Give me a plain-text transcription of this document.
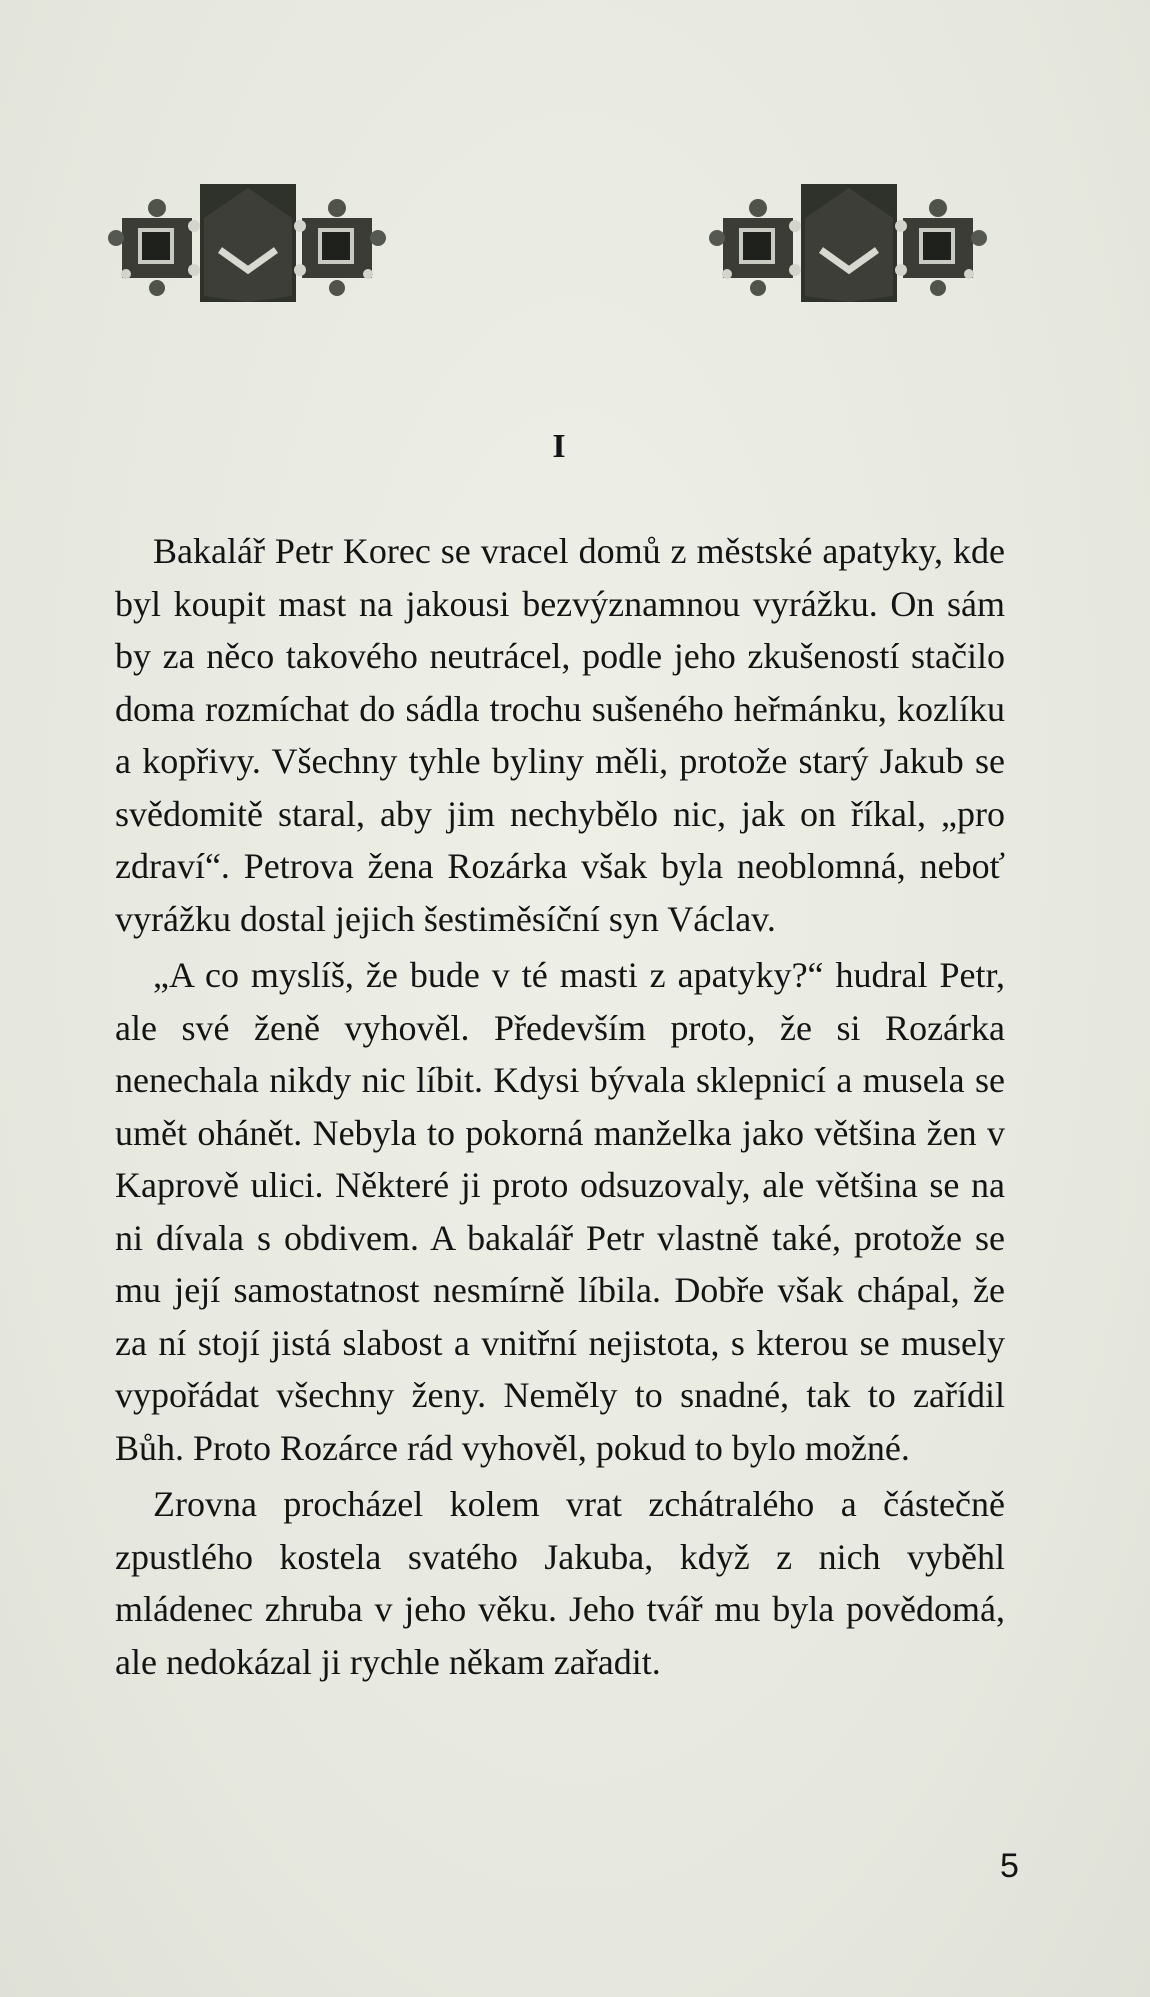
I

Bakalář Petr Korec se vracel domů z městské apatyky, kde byl koupit mast na jakousi bezvýznamnou vyrážku. On sám by za něco takového neutrácel, podle jeho zkušeností stačilo doma rozmíchat do sádla trochu sušeného heřmánku, kozlíku a kopřivy. Všechny tyhle byliny měli, protože starý Jakub se svědomitě staral, aby jim nechybělo nic, jak on říkal, „pro zdraví“. Petrova žena Rozárka však byla neoblomná, neboť vyrážku dostal jejich šestiměsíční syn Václav.

„A co myslíš, že bude v té masti z apatyky?“ hudral Petr, ale své ženě vyhověl. Především proto, že si Rozárka nenechala nikdy nic líbit. Kdysi bývala sklepnicí a musela se umět ohánět. Nebyla to pokorná manželka jako většina žen v Kaprově ulici. Některé ji proto odsuzovaly, ale většina se na ni dívala s obdivem. A bakalář Petr vlastně také, protože se mu její samostatnost nesmírně líbila. Dobře však chápal, že za ní stojí jistá slabost a vnitřní nejistota, s kterou se musely vypořádat všechny ženy. Neměly to snadné, tak to zařídil Bůh. Proto Rozárce rád vyhověl, pokud to bylo možné.

Zrovna procházel kolem vrat zchátralého a částečně zpustlého kostela svatého Jakuba, když z nich vyběhl mládenec zhruba v jeho věku. Jeho tvář mu byla povědomá, ale nedokázal ji rychle někam zařadit.

5
